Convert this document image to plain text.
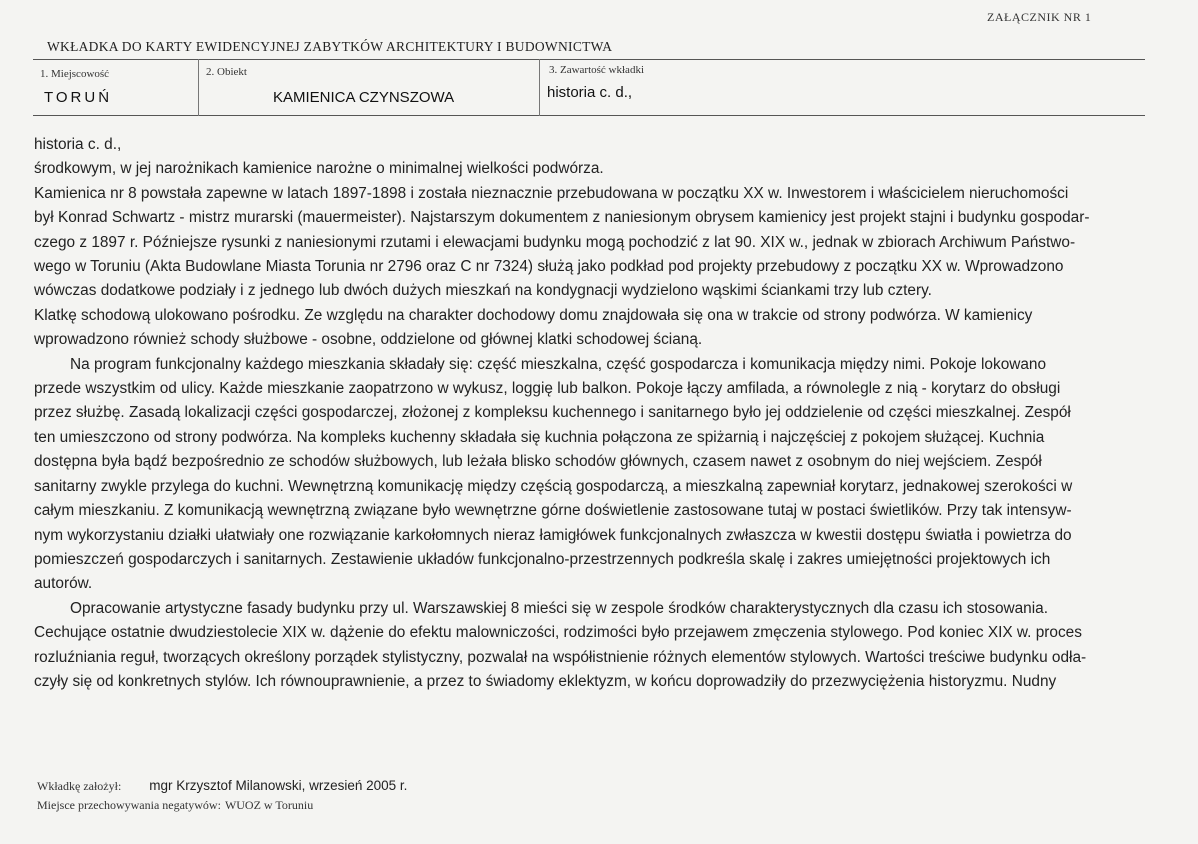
ZAŁĄCZNIK NR 1
WKŁADKA DO KARTY EWIDENCYJNEJ ZABYTKÓW ARCHITEKTURY I BUDOWNICTWA
1. Miejscowość
TORUŃ
2. Obiekt
KAMIENICA CZYNSZOWA
3. Zawartość wkładki
historia c. d.,

historia c. d.,

środkowym, w jej narożnikach kamienice narożne o minimalnej wielkości podwórza.

Kamienica nr 8 powstała zapewne w latach 1897-1898 i została nieznacznie przebudowana w początku XX w. Inwestorem i właścicielem nieruchomości
był Konrad Schwartz - mistrz murarski (mauermeister). Najstarszym dokumentem z naniesionym obrysem kamienicy jest projekt stajni i budynku gospodar-
czego z 1897 r. Późniejsze rysunki z naniesionymi rzutami i elewacjami budynku mogą pochodzić z lat 90. XIX w., jednak w zbiorach Archiwum Państwo-
wego w Toruniu (Akta Budowlane Miasta Torunia nr 2796 oraz C nr 7324) służą jako podkład pod projekty przebudowy z początku XX w. Wprowadzono
wówczas dodatkowe podziały i z jednego lub dwóch dużych mieszkań na kondygnacji wydzielono wąskimi ściankami trzy lub cztery.

Klatkę schodową ulokowano pośrodku. Ze względu na charakter dochodowy domu znajdowała się ona w trakcie od strony podwórza. W kamienicy
wprowadzono również schody służbowe - osobne, oddzielone od głównej klatki schodowej ścianą.

Na program funkcjonalny każdego mieszkania składały się: część mieszkalna, część gospodarcza i komunikacja między nimi. Pokoje lokowano
przede wszystkim od ulicy. Każde mieszkanie zaopatrzono w wykusz, loggię lub balkon. Pokoje łączy amfilada, a równolegle z nią - korytarz do obsługi
przez służbę. Zasadą lokalizacji części gospodarczej, złożonej z kompleksu kuchennego i sanitarnego było jej oddzielenie od części mieszkalnej. Zespół
ten umieszczono od strony podwórza. Na kompleks kuchenny składała się kuchnia połączona ze spiżarnią i najczęściej z pokojem służącej. Kuchnia
dostępna była bądź bezpośrednio ze schodów służbowych, lub leżała blisko schodów głównych, czasem nawet z osobnym do niej wejściem. Zespół
sanitarny zwykle przylega do kuchni. Wewnętrzną komunikację między częścią gospodarczą, a mieszkalną zapewniał korytarz, jednakowej szerokości w
całym mieszkaniu. Z komunikacją wewnętrzną związane było wewnętrzne górne doświetlenie zastosowane tutaj w postaci świetlików. Przy tak intensyw-
nym wykorzystaniu działki ułatwiały one rozwiązanie karkołomnych nieraz łamigłówek funkcjonalnych zwłaszcza w kwestii dostępu światła i powietrza do
pomieszczeń gospodarczych i sanitarnych. Zestawienie układów funkcjonalno-przestrzennych podkreśla skalę i zakres umiejętności projektowych ich
autorów.

Opracowanie artystyczne fasady budynku przy ul. Warszawskiej 8 mieści się w zespole środków charakterystycznych dla czasu ich stosowania.
Cechujące ostatnie dwudziestolecie XIX w. dążenie do efektu malowniczości, rodzimości było przejawem zmęczenia stylowego. Pod koniec XIX w. proces
rozluźniania reguł, tworzących określony porządek stylistyczny, pozwalał na współistnienie różnych elementów stylowych. Wartości treściwe budynku odła-
czyły się od konkretnych stylów. Ich równouprawnienie, a przez to świadomy eklektyzm, w końcu doprowadziły do przezwyciężenia historyzmu. Nudny

Wkładkę założył: mgr Krzysztof Milanowski, wrzesień 2005 r.
Miejsce przechowywania negatywów: WUOZ w Toruniu
